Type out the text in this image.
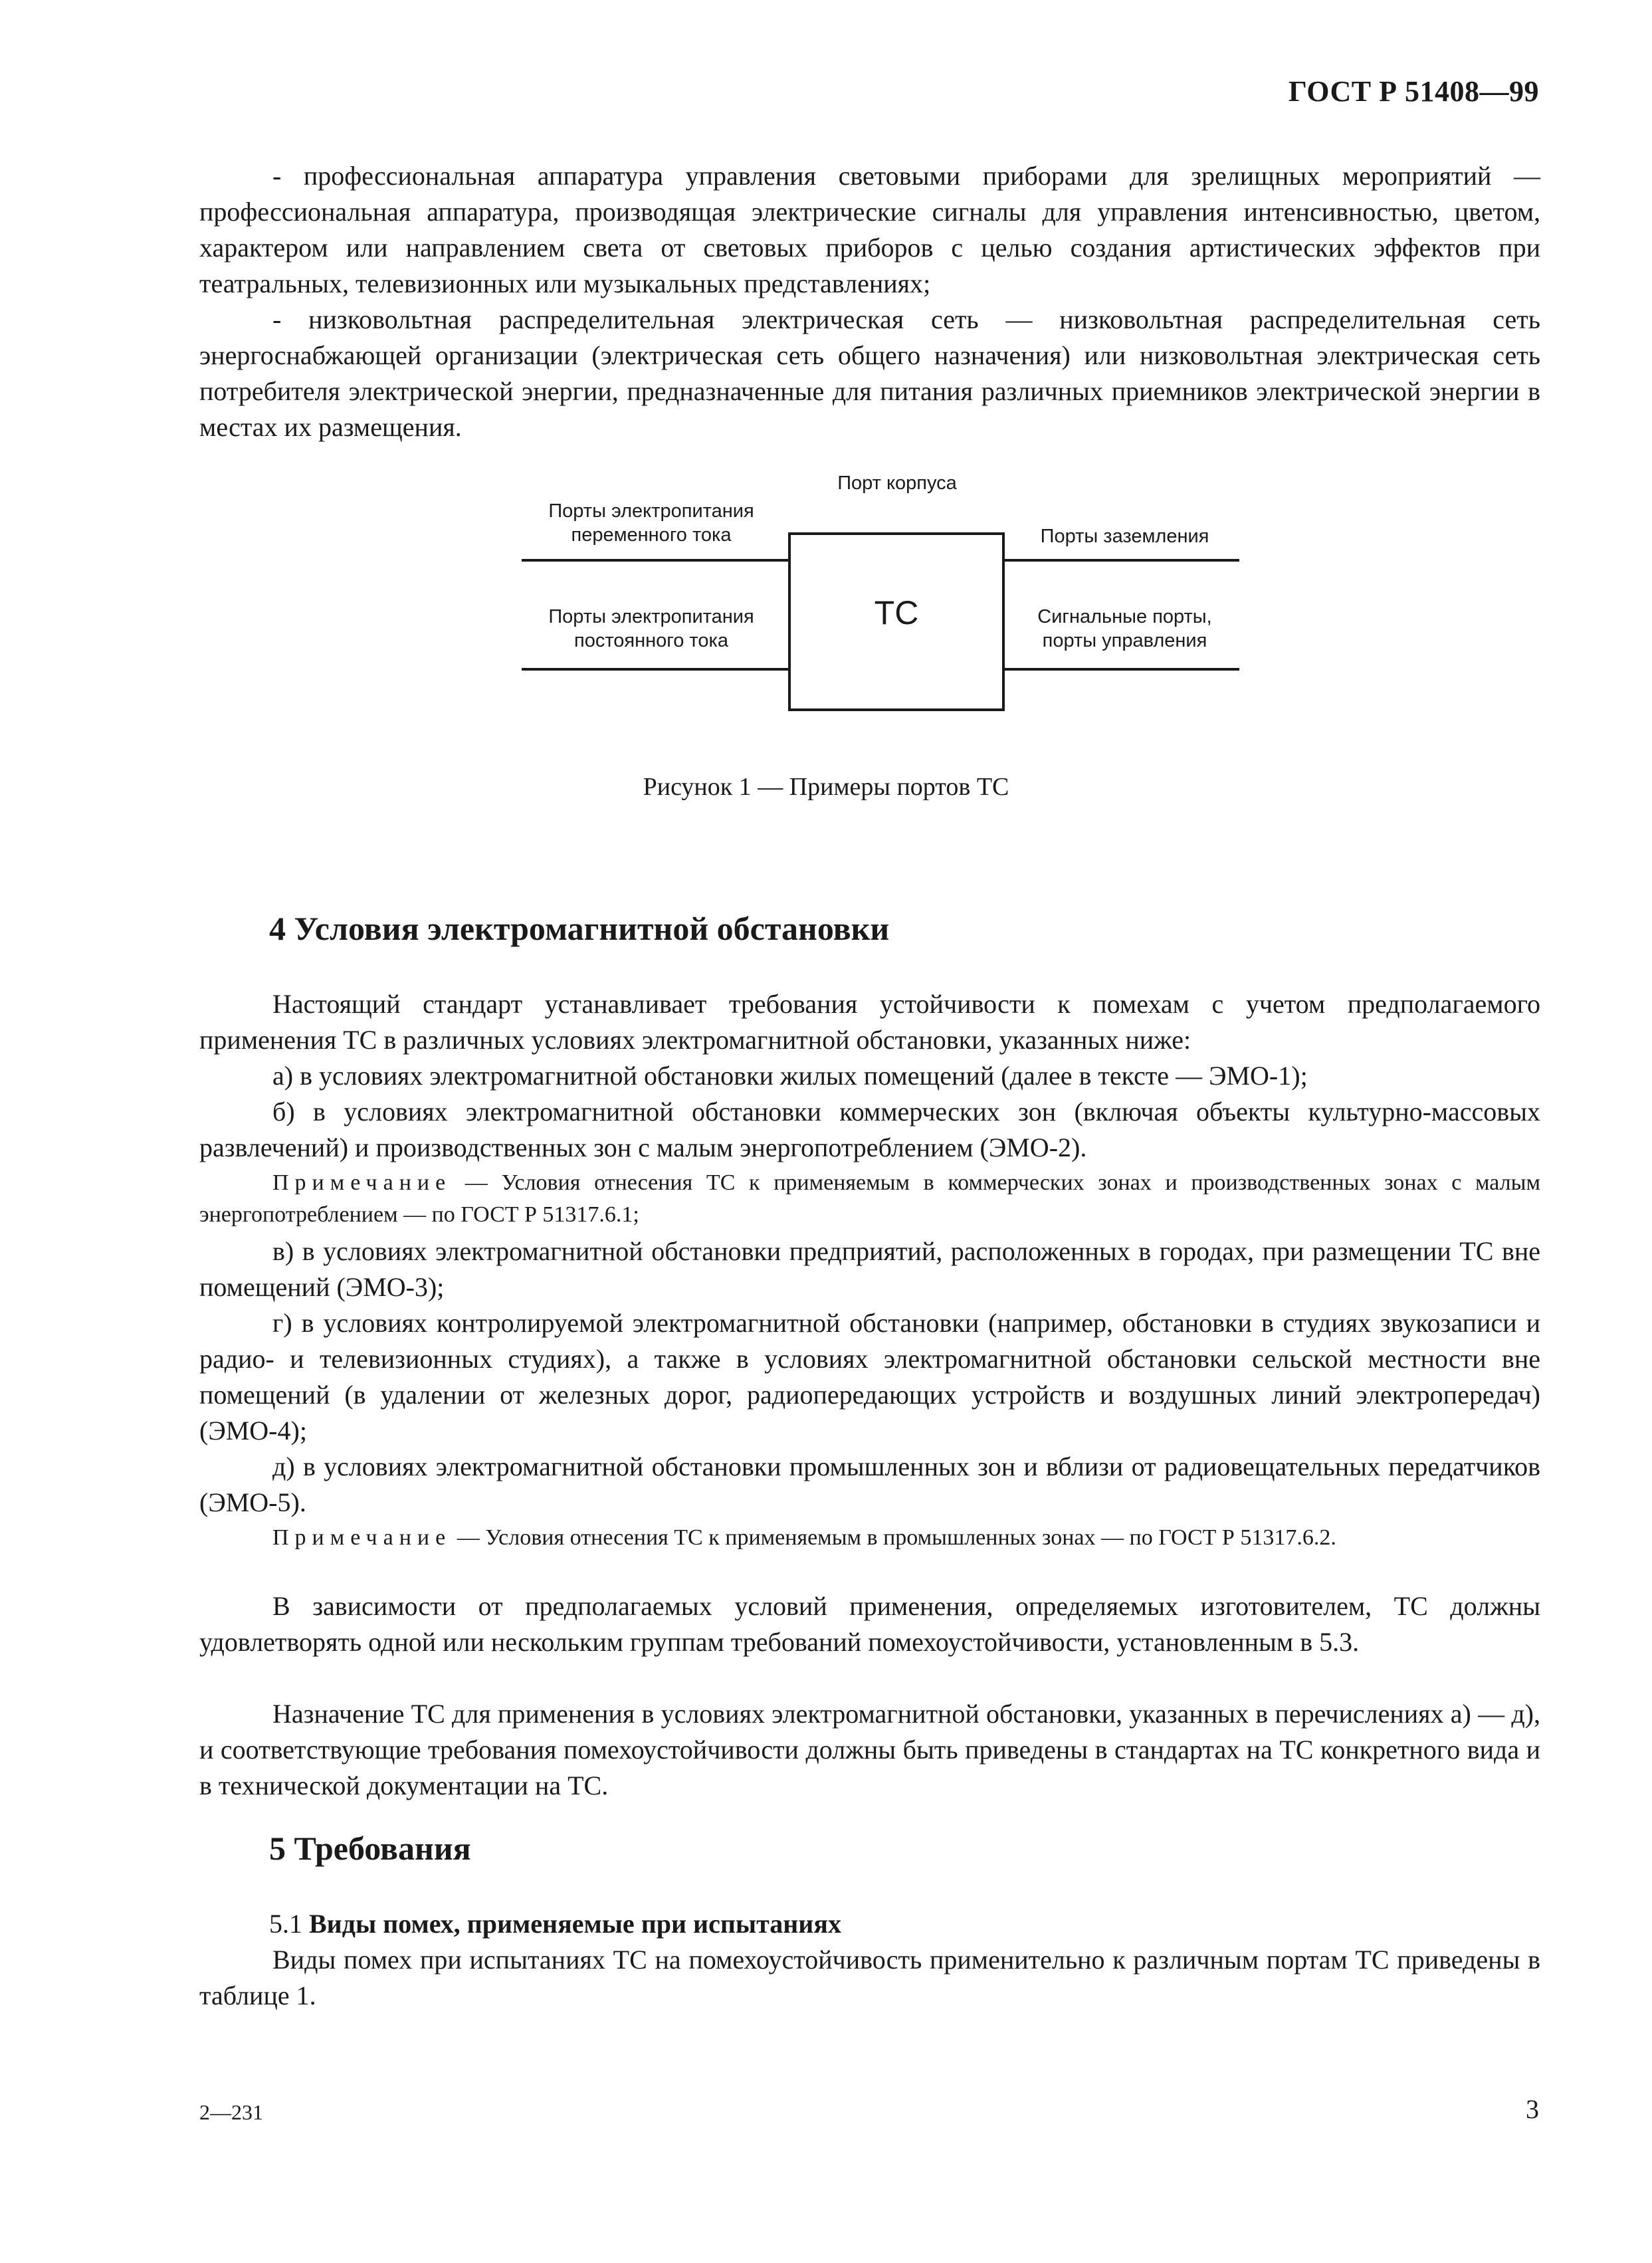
ГОСТ Р 51408—99

- профессиональная аппаратура управления световыми приборами для зрелищных мероприятий — профессиональная аппаратура, производящая электрические сигналы для управления интенсивностью, цветом, характером или направлением света от световых приборов с целью создания артистических эффектов при театральных, телевизионных или музыкальных представлениях;

- низковольтная распределительная электрическая сеть — низковольтная распределительная сеть энергоснабжающей организации (электрическая сеть общего назначения) или низковольтная электрическая сеть потребителя электрической энергии, предназначенные для питания различных приемников электрической энергии в местах их размещения.

Порт корпуса
Порты электропитания
переменного тока
Порты электропитания
постоянного тока
ТС
Порты заземления
Сигнальные порты,
порты управления
Рисунок 1 — Примеры портов ТС
4 Условия электромагнитной обстановки

Настоящий стандарт устанавливает требования устойчивости к помехам с учетом предполагаемого применения ТС в различных условиях электромагнитной обстановки, указанных ниже:

а) в условиях электромагнитной обстановки жилых помещений (далее в тексте — ЭМО-1);

б) в условиях электромагнитной обстановки коммерческих зон (включая объекты культурно-массовых развлечений) и производственных зон с малым энергопотреблением (ЭМО-2).

Примечание — Условия отнесения ТС к применяемым в коммерческих зонах и производственных зонах с малым энергопотреблением — по ГОСТ Р 51317.6.1;

в) в условиях электромагнитной обстановки предприятий, расположенных в городах, при размещении ТС вне помещений (ЭМО-3);

г) в условиях контролируемой электромагнитной обстановки (например, обстановки в студиях звукозаписи и радио- и телевизионных студиях), а также в условиях электромагнитной обстановки сельской местности вне помещений (в удалении от железных дорог, радиопередающих устройств и воздушных линий электропередач) (ЭМО-4);

д) в условиях электромагнитной обстановки промышленных зон и вблизи от радиовещательных передатчиков (ЭМО-5).

Примечание — Условия отнесения ТС к применяемым в промышленных зонах — по ГОСТ Р 51317.6.2.

В зависимости от предполагаемых условий применения, определяемых изготовителем, ТС должны удовлетворять одной или нескольким группам требований помехоустойчивости, установленным в 5.3.

Назначение ТС для применения в условиях электромагнитной обстановки, указанных в перечислениях а) — д), и соответствующие требования помехоустойчивости должны быть приведены в стандартах на ТС конкретного вида и в технической документации на ТС.

5 Требования

5.1 Виды помех, применяемые при испытаниях

Виды помех при испытаниях ТС на помехоустойчивость применительно к различным портам ТС приведены в таблице 1.

2—231	3
